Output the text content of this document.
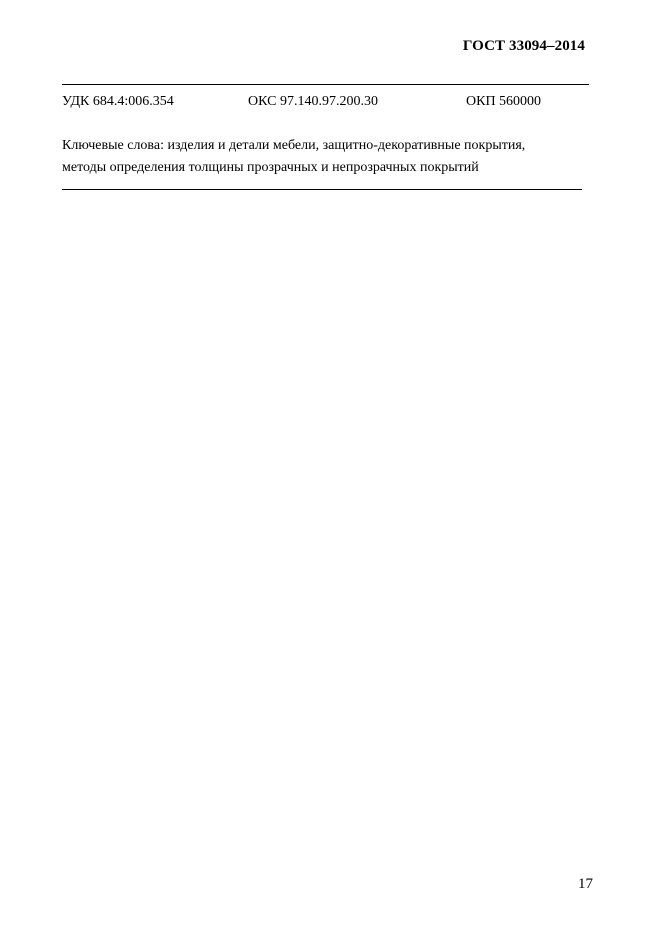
ГОСТ 33094–2014
УДК 684.4:006.354	ОКС 97.140.97.200.30	ОКП 560000
Ключевые слова: изделия и детали мебели, защитно-декоративные покрытия,
методы определения толщины прозрачных и непрозрачных покрытий
17
